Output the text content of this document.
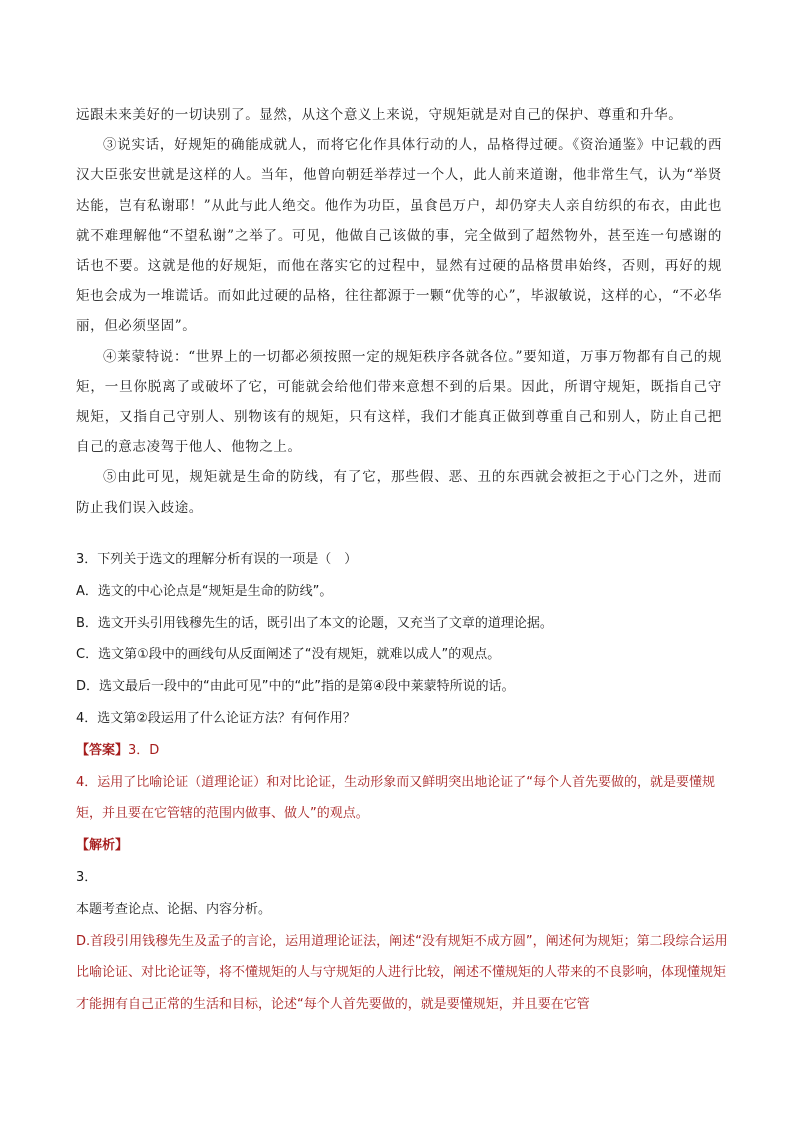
远跟未来美好的一切诀别了。显然，从这个意义上来说，守规矩就是对自己的保护、尊重和升华。

③说实话，好规矩的确能成就人，而将它化作具体行动的人，品格得过硬。《资治通鉴》中记载的西汉大臣张安世就是这样的人。当年，他曾向朝廷举荐过一个人，此人前来道谢，他非常生气，认为“举贤达能，岂有私谢耶！”从此与此人绝交。他作为功臣，虽食邑万户，却仍穿夫人亲自纺织的布衣，由此也就不难理解他“不望私谢”之举了。可见，他做自己该做的事，完全做到了超然物外，甚至连一句感谢的话也不要。这就是他的好规矩，而他在落实它的过程中，显然有过硬的品格贯串始终，否则，再好的规矩也会成为一堆谎话。而如此过硬的品格，往往都源于一颗“优等的心”，毕淑敏说，这样的心，“不必华丽，但必须坚固”。

④莱蒙特说：“世界上的一切都必须按照一定的规矩秩序各就各位。”要知道，万事万物都有自己的规矩，一旦你脱离了或破坏了它，可能就会给他们带来意想不到的后果。因此，所谓守规矩，既指自己守规矩，又指自己守别人、别物该有的规矩，只有这样，我们才能真正做到尊重自己和别人，防止自己把自己的意志凌驾于他人、他物之上。

⑤由此可见，规矩就是生命的防线，有了它，那些假、恶、丑的东西就会被拒之于心门之外，进而防止我们误入歧途。

3．下列关于选文的理解分析有误的一项是（　）

A．选文的中心论点是“规矩是生命的防线”。

B．选文开头引用钱穆先生的话，既引出了本文的论题，又充当了文章的道理论据。

C．选文第①段中的画线句从反面阐述了“没有规矩，就难以成人”的观点。

D．选文最后一段中的“由此可见”中的“此”指的是第④段中莱蒙特所说的话。

4．选文第②段运用了什么论证方法？有何作用？

【答案】3．D

4．运用了比喻论证（道理论证）和对比论证，生动形象而又鲜明突出地论证了“每个人首先要做的，就是要懂规矩，并且要在它管辖的范围内做事、做人”的观点。

【解析】

3．

本题考查论点、论据、内容分析。

D.首段引用钱穆先生及孟子的言论，运用道理论证法，阐述“没有规矩不成方圆”，阐述何为规矩；第二段综合运用比喻论证、对比论证等，将不懂规矩的人与守规矩的人进行比较，阐述不懂规矩的人带来的不良影响，体现懂规矩才能拥有自己正常的生活和目标，论述“每个人首先要做的，就是要懂规矩，并且要在它管
